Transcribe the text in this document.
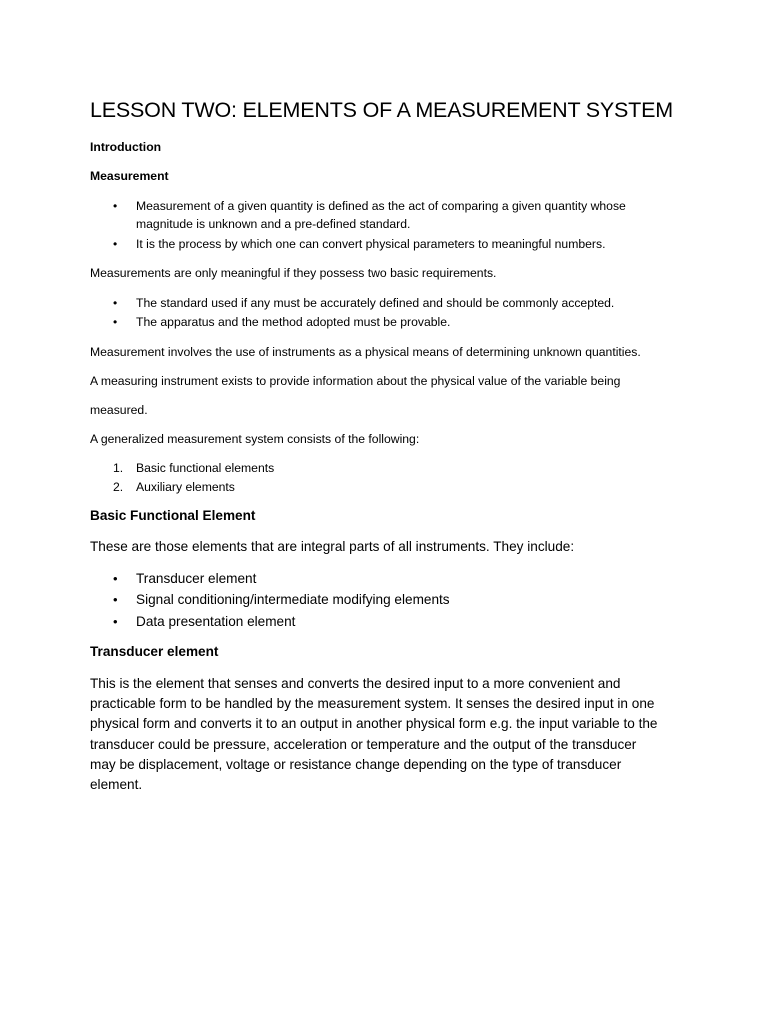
LESSON TWO: ELEMENTS OF A MEASUREMENT SYSTEM

Introduction

Measurement

• Measurement of a given quantity is defined as the act of comparing a given quantity whose

magnitude is unknown and a pre-defined standard.

• It is the process by which one can convert physical parameters to meaningful numbers.

Measurements are only meaningful if they possess two basic requirements.

• The standard used if any must be accurately defined and should be commonly accepted.

• The apparatus and the method adopted must be provable.

Measurement involves the use of instruments as a physical means of determining unknown quantities.

A measuring instrument exists to provide information about the physical value of the variable being

measured.

A generalized measurement system consists of the following:

1. Basic functional elements

2. Auxiliary elements

Basic Functional Element

These are those elements that are integral parts of all instruments. They include:

• Transducer element

• Signal conditioning/intermediate modifying elements

• Data presentation element

Transducer element

This is the element that senses and converts the desired input to a more convenient and

practicable form to be handled by the measurement system. It senses the desired input in one

physical form and converts it to an output in another physical form e.g. the input variable to the

transducer could be pressure, acceleration or temperature and the output of the transducer

may be displacement, voltage or resistance change depending on the type of transducer

element.
